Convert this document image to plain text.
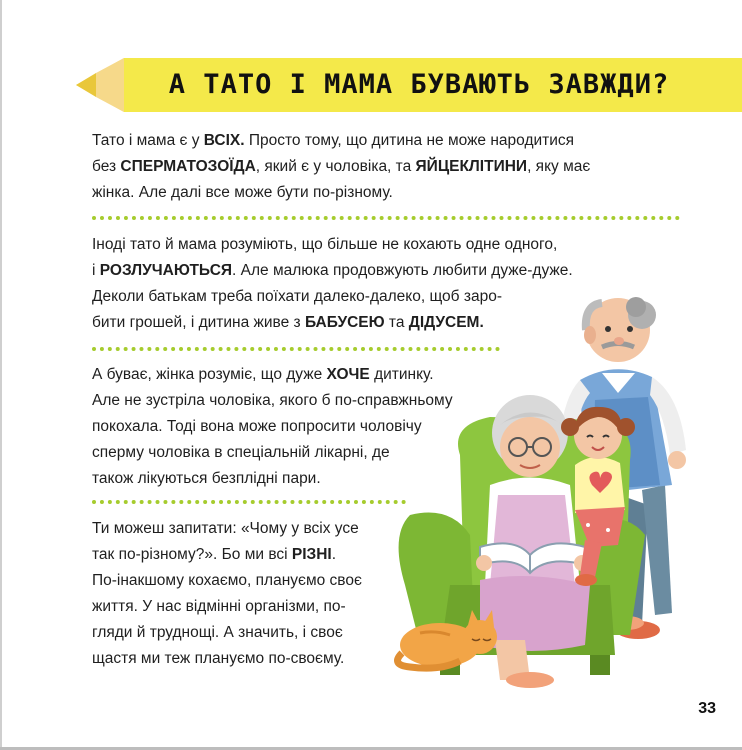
А ТАТО І МАМА БУВАЮТЬ ЗАВЖДИ?

Тато і мама є у ВСІХ. Просто тому, що дитина не може народитися
без СПЕРМАТОЗОЇДА, який є у чоловіка, та ЯЙЦЕКЛІТИНИ, яку має
жінка. Але далі все може бути по-різному.

Іноді тато й мама розуміють, що більше не кохають одне одного,
і РОЗЛУЧАЮТЬСЯ. Але малюка продовжують любити дуже-дуже.
Деколи батькам треба поїхати далеко-далеко, щоб зaро-
бити грошей, і дитина живе з БАБУСЕЮ та ДІДУСЕМ.

А буває, жінка розуміє, що дуже ХОЧЕ дитинку.
Але не зустріла чоловіка, якого б по-справжньому
покохала. Тоді вона може попросити чоловічу
сперму чоловіка в спеціальній лікарні, де
також лікуються безплідні пари.

Ти можеш запитати: «Чому у всіх усе
так по-різному?». Бо ми всі РІЗНІ.
По-інакшому кохаємо, плануємо своє
життя. У нас відмінні організми, по-
гляди й труднощі. А значить, і своє
щастя ми теж плануємо по-своєму.

33
